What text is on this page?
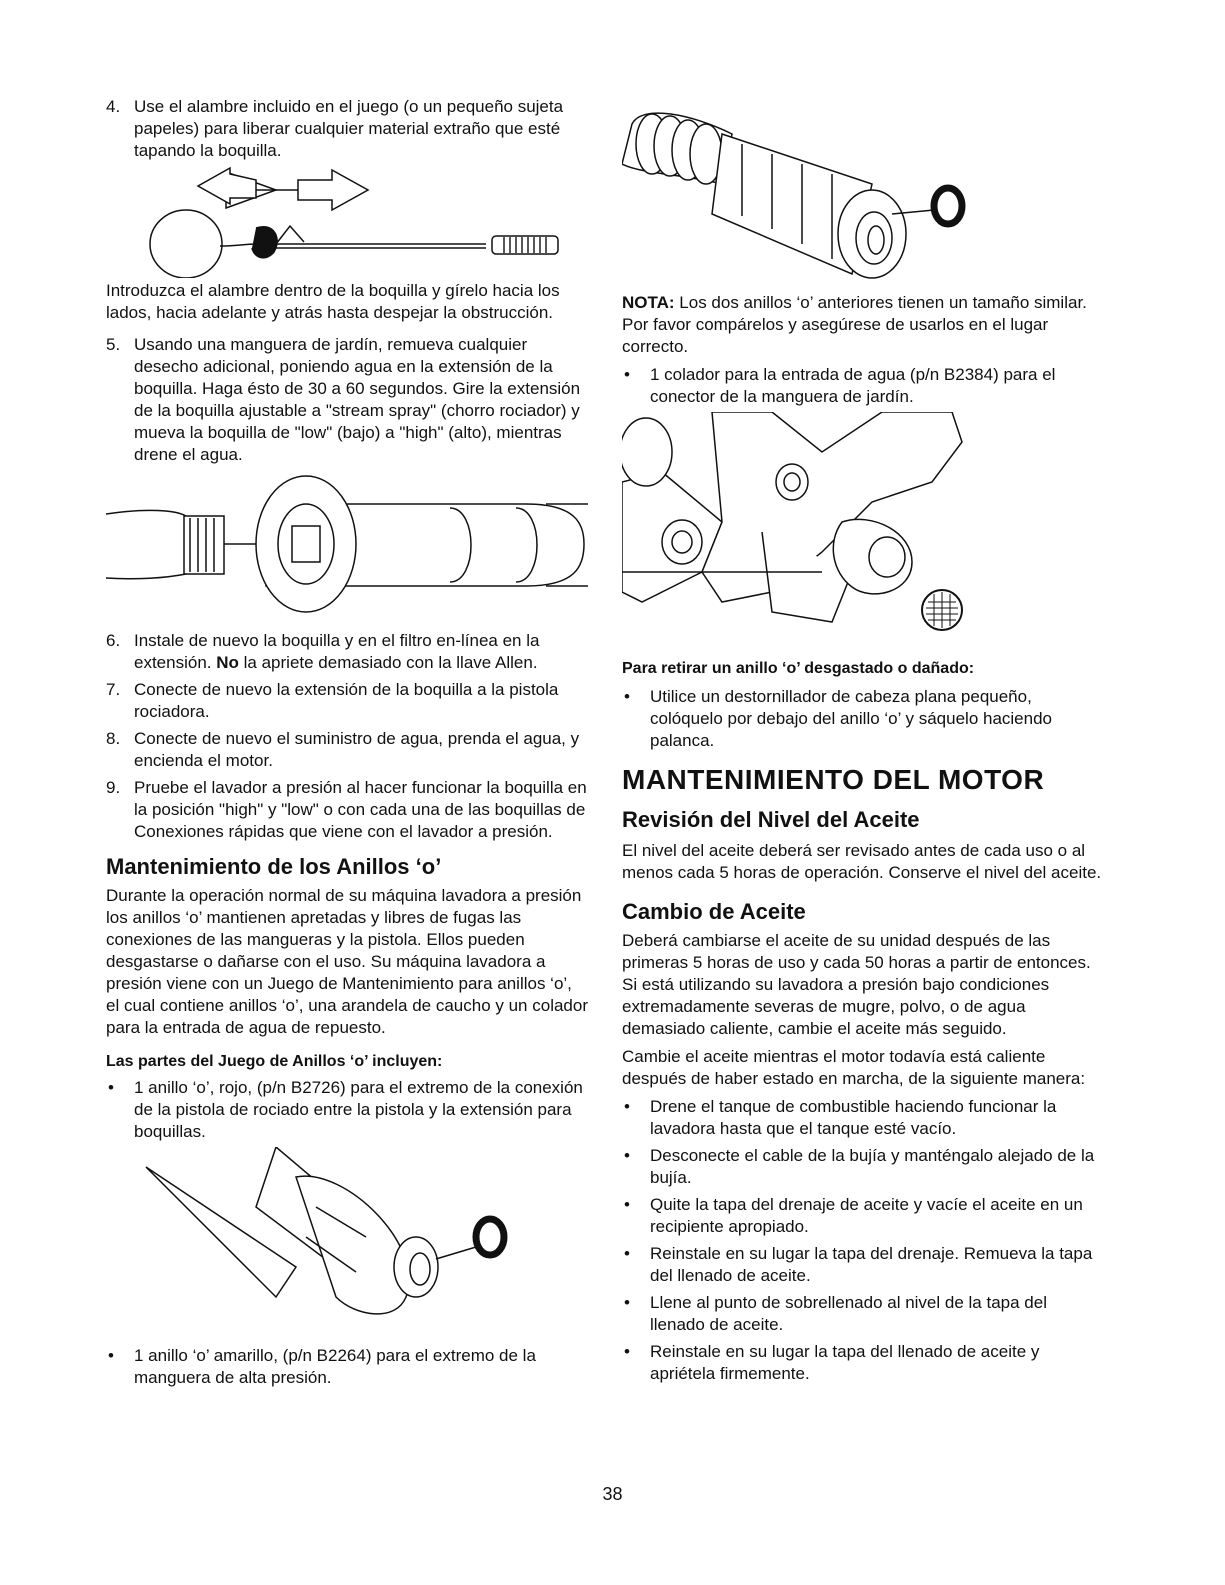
4. Use el alambre incluido en el juego (o un pequeño sujeta papeles) para liberar cualquier material extraño que esté tapando la boquilla.

Introduzca el alambre dentro de la boquilla y gírelo hacia los lados, hacia adelante y atrás hasta despejar la obstrucción.

5. Usando una manguera de jardín, remueva cualquier desecho adicional, poniendo agua en la extensión de la boquilla. Haga ésto de 30 a 60 segundos. Gire la extensión de la boquilla ajustable a "stream spray" (chorro rociador) y mueva la boquilla de "low" (bajo) a "high" (alto), mientras drene el agua.
6. Instale de nuevo la boquilla y en el filtro en-línea en la extensión. No la apriete demasiado con la llave Allen.
7. Conecte de nuevo la extensión de la boquilla a la pistola rociadora.
8. Conecte de nuevo el suministro de agua, prenda el agua, y encienda el motor.
9. Pruebe el lavador a presión al hacer funcionar la boquilla en la posición "high" y "low" o con cada una de las boquillas de Conexiones rápidas que viene con el lavador a presión.
Mantenimiento de los Anillos ‘o’

Durante la operación normal de su máquina lavadora a presión los anillos ‘o’ mantienen apretadas y libres de fugas las conexiones de las mangueras y la pistola. Ellos pueden desgastarse o dañarse con el uso. Su máquina lavadora a presión viene con un Juego de Mantenimiento para anillos ‘o’, el cual contiene anillos ‘o’, una arandela de caucho y un colador para la entrada de agua de repuesto.

Las partes del Juego de Anillos ‘o’ incluyen:
• 1 anillo ‘o’, rojo, (p/n B2726) para el extremo de la conexión de la pistola de rociado entre la pistola y la extensión para boquillas.
• 1 anillo ‘o’ amarillo, (p/n B2264) para el extremo de la manguera de alta presión.

NOTA: Los dos anillos ‘o’ anteriores tienen un tamaño similar. Por favor compárelos y asegúrese de usarlos en el lugar correcto.

• 1 colador para la entrada de agua (p/n B2384) para el conector de la manguera de jardín.
Para retirar un anillo ‘o’ desgastado o dañado:
• Utilice un destornillador de cabeza plana pequeño, colóquelo por debajo del anillo ‘o’ y sáquelo haciendo palanca.
MANTENIMIENTO DEL MOTOR
Revisión del Nivel del Aceite

El nivel del aceite deberá ser revisado antes de cada uso o al menos cada 5 horas de operación. Conserve el nivel del aceite.

Cambio de Aceite

Deberá cambiarse el aceite de su unidad después de las primeras 5 horas de uso y cada 50 horas a partir de entonces. Si está utilizando su lavadora a presión bajo condiciones extremadamente severas de mugre, polvo, o de agua demasiado caliente, cambie el aceite más seguido.

Cambie el aceite mientras el motor todavía está caliente después de haber estado en marcha, de la siguiente manera:

• Drene el tanque de combustible haciendo funcionar la lavadora hasta que el tanque esté vacío.
• Desconecte el cable de la bujía y manténgalo alejado de la bujía.
• Quite la tapa del drenaje de aceite y vacíe el aceite en un recipiente apropiado.
• Reinstale en su lugar la tapa del drenaje. Remueva la tapa del llenado de aceite.
• Llene al punto de sobrellenado al nivel de la tapa del llenado de aceite.
• Reinstale en su lugar la tapa del llenado de aceite y apriétela firmemente.
38
